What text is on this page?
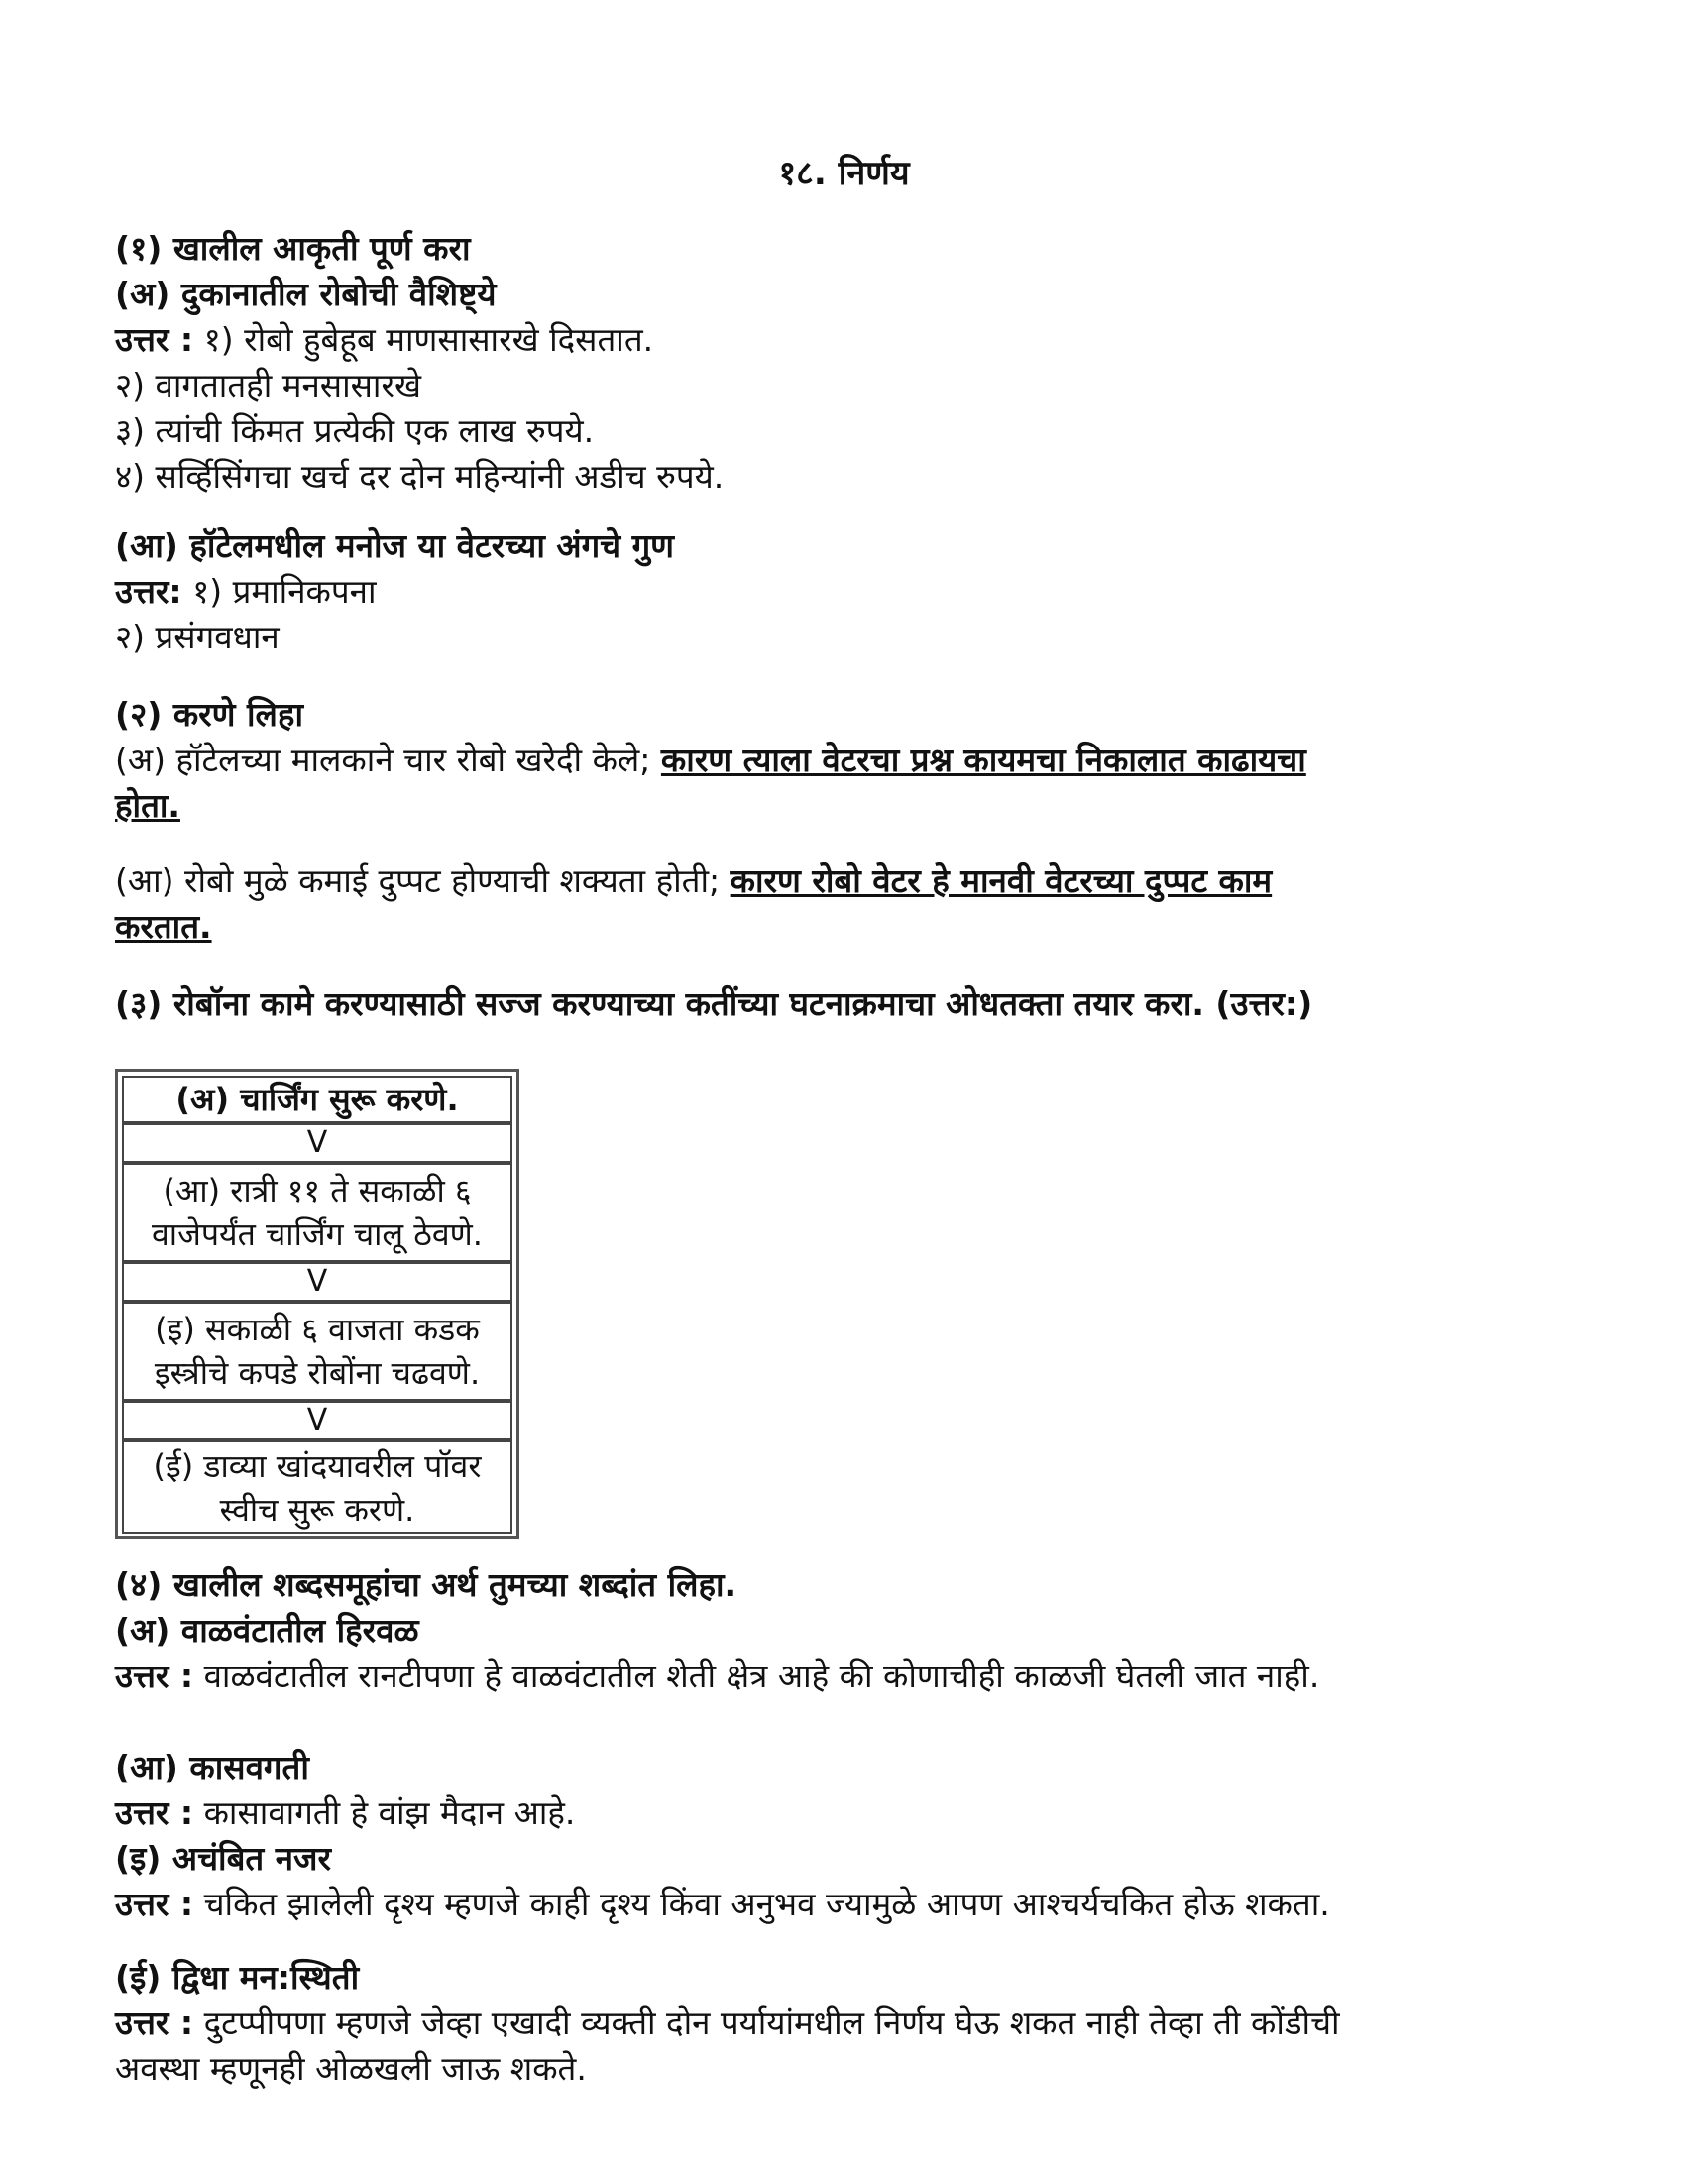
१८. निर्णय
(१) खालील आकृती पूर्ण करा
(अ) दुकानातील रोबोची वैशिष्ट्ये
उत्तर : १) रोबो हुबेहूब माणसासारखे दिसतात.
२) वागतातही मनसासारखे
३) त्यांची किंमत प्रत्येकी एक लाख रुपये.
४) सर्व्हिसिंगचा खर्च दर दोन महिन्यांनी अडीच रुपये.
(आ) हॉटेलमधील मनोज या वेटरच्या अंगचे गुण
उत्तर: १) प्रमानिकपना
२) प्रसंगवधान
(२) करणे लिहा
(अ) हॉटेलच्या मालकाने चार रोबो खरेदी केले; कारण त्याला वेटरचा प्रश्न कायमचा निकालात काढायचा
होता.
(आ) रोबो मुळे कमाई दुप्पट होण्याची शक्यता होती; कारण रोबो वेटर हे मानवी वेटरच्या दुप्पट काम
करतात.
(३) रोबॉना कामे करण्यासाठी सज्ज करण्याच्या कतींच्या घटनाक्रमाचा ओधतक्ता तयार करा. (उत्तर:)
(अ) चार्जिंग सुरू करणे.
V
(आ) रात्री ११ ते सकाळी ६ वाजेपर्यंत चार्जिंग चालू ठेवणे.
V
(इ) सकाळी ६ वाजता कडक इस्त्रीचे कपडे रोबोंना चढवणे.
V
(ई) डाव्या खांदयावरील पॉवर स्वीच सुरू करणे.
(४) खालील शब्दसमूहांचा अर्थ तुमच्या शब्दांत लिहा.
(अ) वाळवंटातील हिरवळ
उत्तर : वाळवंटातील रानटीपणा हे वाळवंटातील शेती क्षेत्र आहे की कोणाचीही काळजी घेतली जात नाही.
(आ) कासवगती
उत्तर : कासावागती हे वांझ मैदान आहे.
(इ) अचंबित नजर
उत्तर : चकित झालेली दृश्य म्हणजे काही दृश्य किंवा अनुभव ज्यामुळे आपण आश्चर्यचकित होऊ शकता.
(ई) द्विधा मन:स्थिती
उत्तर : दुटप्पीपणा म्हणजे जेव्हा एखादी व्यक्ती दोन पर्यायांमधील निर्णय घेऊ शकत नाही तेव्हा ती कोंडीची
अवस्था म्हणूनही ओळखली जाऊ शकते.
